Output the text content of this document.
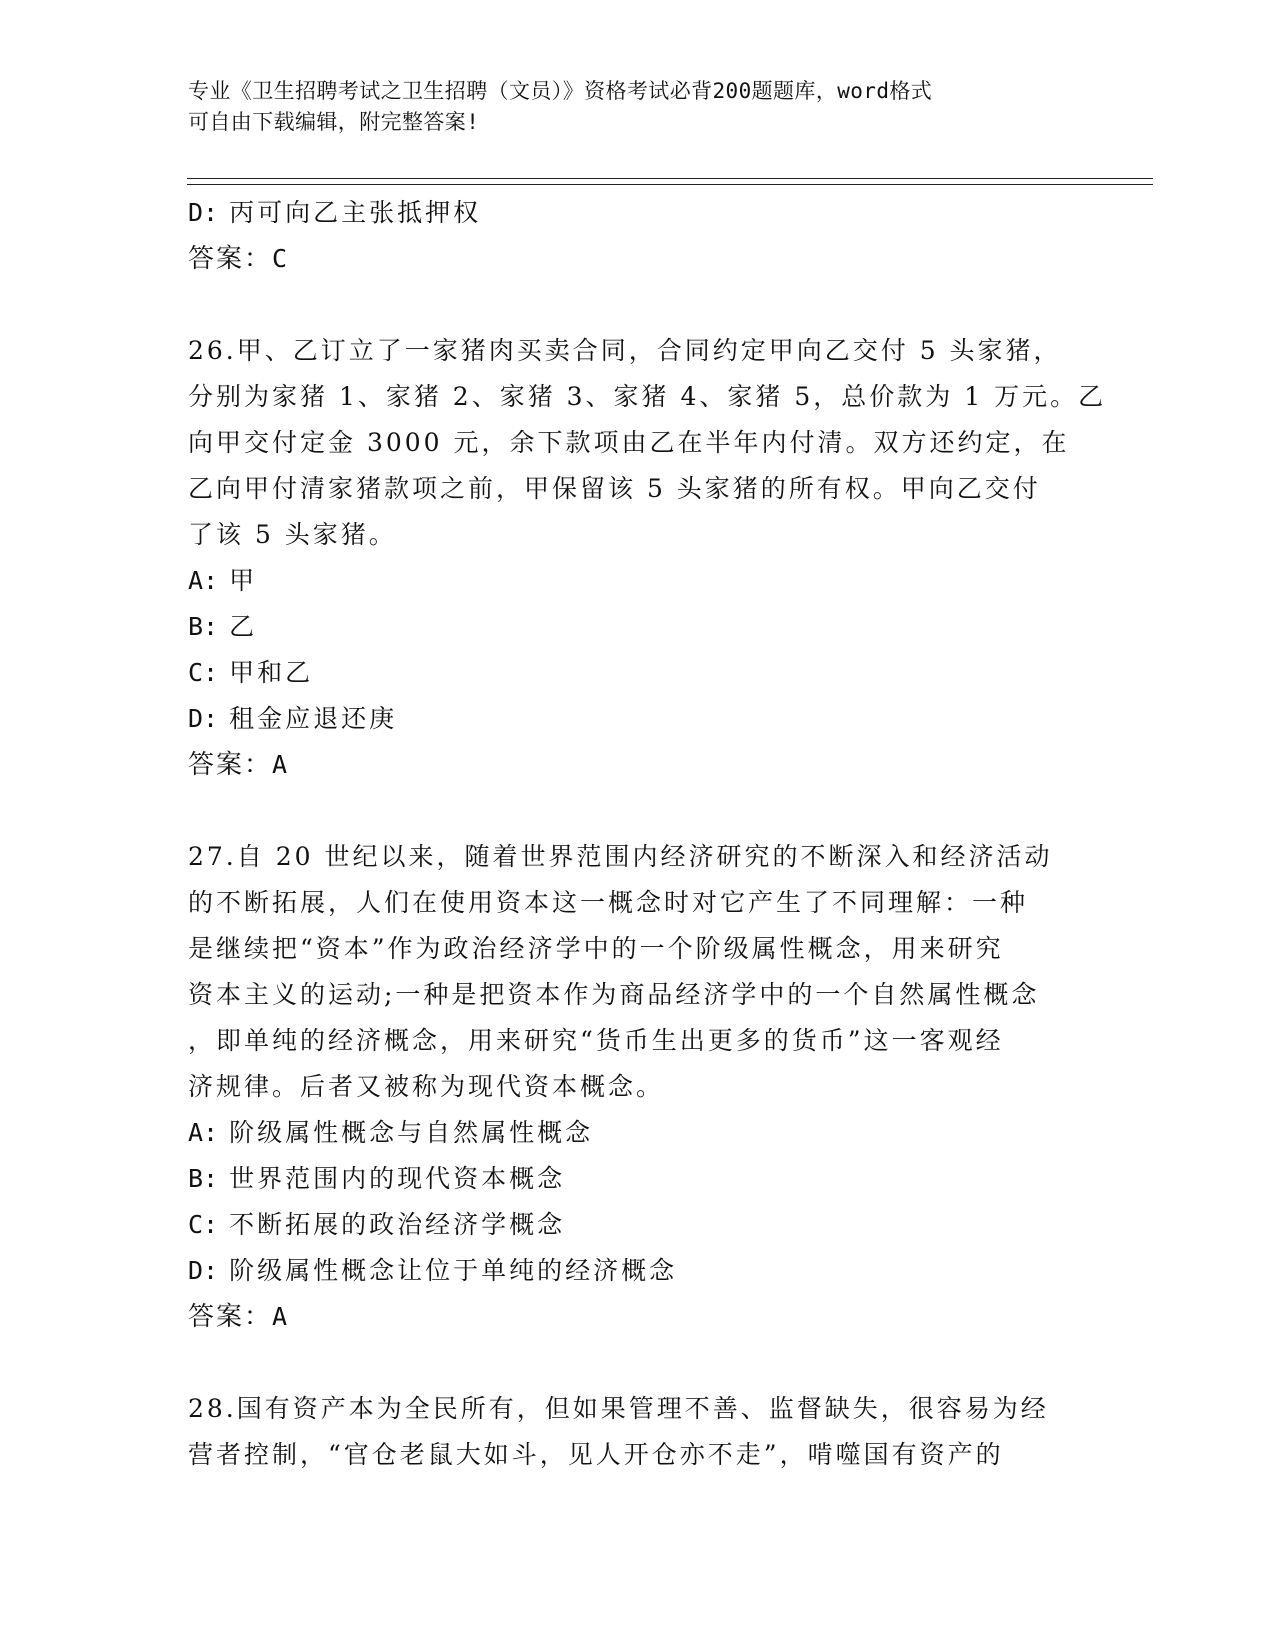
专业《卫生招聘考试之卫生招聘（文员）》资格考试必背200题题库，word格式
可自由下载编辑，附完整答案!
D: 丙可向乙主张抵押权
答案：C
26.甲、乙订立了一家猪肉买卖合同，合同约定甲向乙交付 5 头家猪，
分别为家猪 1、家猪 2、家猪 3、家猪 4、家猪 5，总价款为 1 万元。乙
向甲交付定金 3000 元，余下款项由乙在半年内付清。双方还约定，在
乙向甲付清家猪款项之前，甲保留该 5 头家猪的所有权。甲向乙交付
了该 5 头家猪。
A: 甲
B: 乙
C: 甲和乙
D: 租金应退还庚
答案：A
27.自 20 世纪以来，随着世界范围内经济研究的不断深入和经济活动
的不断拓展，人们在使用资本这一概念时对它产生了不同理解：一种
是继续把“资本”作为政治经济学中的一个阶级属性概念，用来研究
资本主义的运动;一种是把资本作为商品经济学中的一个自然属性概念
，即单纯的经济概念，用来研究“货币生出更多的货币”这一客观经
济规律。后者又被称为现代资本概念。
A: 阶级属性概念与自然属性概念
B: 世界范围内的现代资本概念
C: 不断拓展的政治经济学概念
D: 阶级属性概念让位于单纯的经济概念
答案：A
28.国有资产本为全民所有，但如果管理不善、监督缺失，很容易为经
营者控制，“官仓老鼠大如斗，见人开仓亦不走”，啃噬国有资产的
